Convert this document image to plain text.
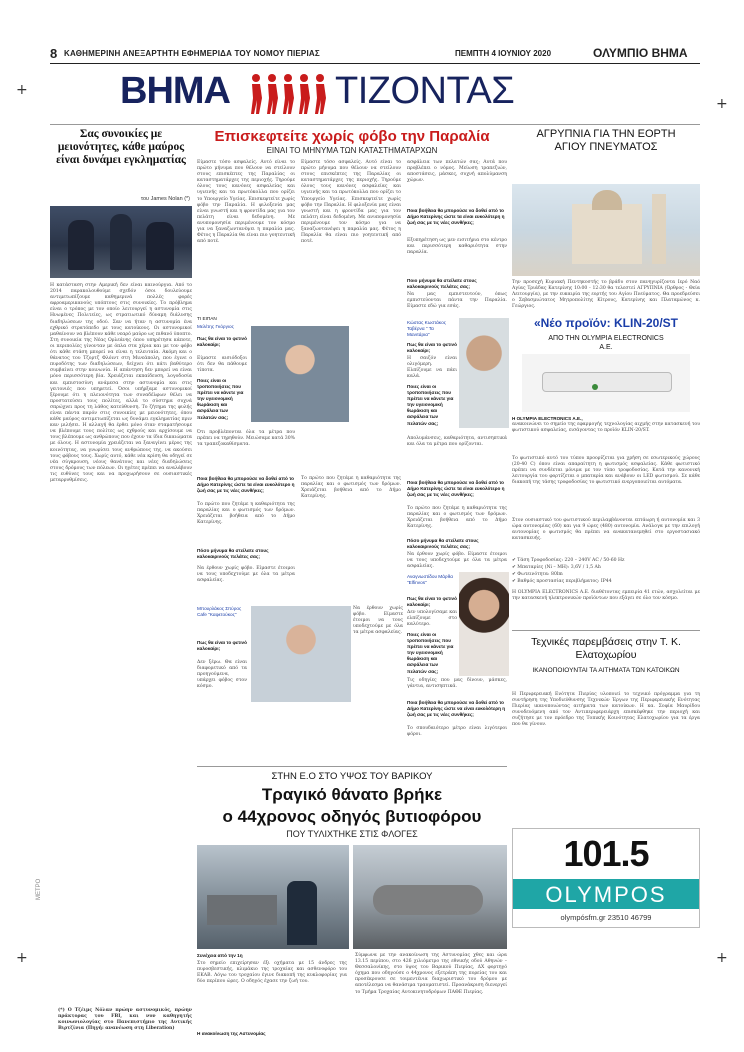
+
+
+	+
8 ΚΑΘΗΜΕΡΙΝΗ ΑΝΕΞΑΡΤΗΤΗ ΕΦΗΜΕΡΙΔΑ ΤΟΥ ΝΟΜΟΥ ΠΙΕΡΙΑΣ	ΠΕΜΠΤΗ 4 ΙΟΥΝΙΟΥ 2020	ΟΛΥΜΠΙΟ ΒΗΜΑ
ΒΗΜΑ	ΤΙΖΟΝΤΑΣ
Σας συνοικίες με μειονότητες, κάθε μαύρος είναι δυνάμει εγκληματίας
του James Nolan (*)
Η κατάσταση στην Αμερική δεν είναι καινούργια. Από το 2014 παρακολουθούμε σχεδόν όσοι δουλεύουμε αντιμετωπίζουμε καθημερινά πολλές φορές αφροαμερικανούς υπόπτους στις συνοικίες. Το πρόβλημα είναι ο τρόπος με τον οποίο λειτουργεί η αστυνομία στις Ηνωμένες Πολιτείες, ως στρατιωτικό δύναμη διάλυσης διαδηλώσεων της οδού. Σαν να ήταν η αστυνομία ένα εχθρικό στρατόπεδο με τους κατοίκους. Οι αστυνομικοί μαθαίνουν να βλέπουν κάθε νεαρό μαύρο ως πιθανό ύποπτο. Στη συνοικία της Νέας Ορλεάνης όπου υπηρέτησα κάποτε, οι περιπολίες γίνονταν με όπλα στα χέρια και με τον φόβο ότι κάθε στάση μπορεί να είναι η τελευταία. Ακόμη και ο θάνατος του Τζορτζ Φλόιντ στη Μινεάπολη, που έγινε ο πυροδότης των διαδηλώσεων, δείχνει ότι κάτι βαθύτερο συμβαίνει στην κοινωνία. Η απάντηση δεν μπορεί να είναι μόνο περισσότερη βία. Χρειάζεται εκπαίδευση, λογοδοσία και εμπιστοσύνη ανάμεσα στην αστυνομία και στις γειτονιές που υπηρετεί. Όσοι υπήρξαμε αστυνομικοί ξέρουμε ότι η πλειονότητα των συναδέλφων θέλει να προστατεύσει τους πολίτες, αλλά το σύστημα συχνά σπρώχνει προς τη λάθος κατεύθυνση. Το ζήτημα της φυλής είναι πάντα παρόν στις συνοικίες με μειονότητες, όπου κάθε μαύρος αντιμετωπίζεται ως δυνάμει εγκληματίας πριν καν μιλήσει. Η αλλαγή θα έρθει μόνο όταν σταματήσουμε να βλέπουμε τους πολίτες ως εχθρούς και αρχίσουμε να τους βλέπουμε ως ανθρώπους που έχουν τα ίδια δικαιώματα με όλους. Η αστυνομία χρειάζεται να ξαναγίνει μέρος της κοινότητας, να γνωρίσει τους ανθρώπους της, να ακούσει τους φόβους τους. Χωρίς αυτό, κάθε νέα κρίση θα οδηγεί σε νέα σύγκρουση, νέους θανάτους και νέες διαδηλώσεις στους δρόμους των πόλεων. Οι ηγέτες πρέπει να αναλάβουν τις ευθύνες τους και να προχωρήσουν σε ουσιαστικές μεταρρυθμίσεις.
(*) Ο Τζέιμς Νόλαν πρώην αστυνομικός, πρώην πράκτορας του FBI, και νυν καθηγητής κοινωνιολογίας στο Πανεπιστήμιο της Δυτικής Βιρτζίνια (Πηγή: ανανέωση στη Liberation)
ΜΕΤΡΟ
Επισκεφτείτε χωρίς φόβο την Παραλία
ΕΙΝΑΙ ΤΟ ΜΗΝΥΜΑ ΤΩΝ ΚΑΤΑΣΤΗΜΑΤΑΡΧΩΝ
Είμαστε τόσο ασφαλείς. Αυτό είναι το πρώτο μήνυμα που θέλουν να στείλουν στους επισκέπτες της Παραλίας οι καταστηματάρχες της περιοχής. Τηρούμε όλους τους κανόνες ασφαλείας και υγιεινής και τα πρωτόκολλα που ορίζει το Υπουργείο Υγείας. Επισκεφτείτε χωρίς φόβο την Παραλία. Η φιλοξενία μας είναι γνωστή και η φροντίδα μας για τον πελάτη είναι δεδομένη. Με ανυπομονησία περιμένουμε τον κόσμο για να ξαναζωντανέψει η παραλία μας. Φέτος η Παραλία θα είναι πιο γοητευτική από ποτέ.
ΤΙ ΕΙΠΑΝ
Μελέτης Γκόργιος
Πως θα είναι το φετινό καλοκαίρι;
Είμαστε αισιόδοξοι ότι δεν θα πάθουμε τίποτα.
Ποιες είναι οι τροποποιήσεις που πρέπει να κάνετε για την υγειονομική θωράκιση και ασφάλεια των πελατών σας;
Ότι προβλέπονται όλα τα μέτρα που πρέπει να τηρηθούν. Μειώσαμε κατά 30% τα τραπεζοκαθίσματα.
Ποια βοήθεια θα μπορούσε να δοθεί από το Δήμο Κατερίνης ώστε τα είναι ευκολότερο η ζωή σας με τις νέες συνθήκες;
Το πρώτο που ζητάμε η καθαριότητα της παραλίας και ο φωτισμός των δρόμων. Χρειάζεται βοήθεια από το Δήμο Κατερίνης.
Πόσο μήνυμα θα στείλατε στους καλοκαιρινούς πελάτες σας;
Να έρθουν χωρίς φόβο. Είμαστε έτοιμοι να τους υποδεχτούμε με όλα τα μέτρα ασφαλείας.
Μπουρλάκος Σπύρος Cafe "Καφετούκος"
Πως θα είναι το φετινό καλοκαίρι;
Δεν ξέρω. Θα είναι διαφορετικό από τα προηγούμενα, υπάρχει φόβος στον κόσμο.
Είμαστε τόσο ασφαλείς. Αυτό είναι το πρώτο μήνυμα που θέλουν να στείλουν στους επισκέπτες της Παραλίας οι καταστηματάρχες της περιοχής. Τηρούμε όλους τους κανόνες ασφαλείας και υγιεινής και τα πρωτόκολλα που ορίζει το Υπουργείο Υγείας. Επισκεφτείτε χωρίς φόβο την Παραλία. Η φιλοξενία μας είναι γνωστή και η φροντίδα μας για τον πελάτη είναι δεδομένη. Με ανυπομονησία περιμένουμε τον κόσμο για να ξαναζωντανέψει η παραλία μας. Φέτος η Παραλία θα είναι πιο γοητευτική από ποτέ.
Το πρώτο που ζητάμε η καθαριότητα της παραλίας και ο φωτισμός των δρόμων. Χρειάζεται βοήθεια από το Δήμο Κατερίνης.
Να έρθουν χωρίς φόβο. Είμαστε έτοιμοι να τους υποδεχτούμε με όλα τα μέτρα ασφαλείας.
ασφάλεια των πελατών σας; Αυτά που προβλέπει ο νόμος. Μείωση τραπεζιών, αποστάσεις, μάσκες, συχνή απολύμανση χώρων.
Ποια βοήθεια θα μπορούσε να δοθεί από το Δήμο Κατερίνης ώστε τα είναι ευκολότερη η ζωή σας με τις νέες συνθήκες;
Εξυπηρέτηση ως μεν εισιτήρια στο κέντρο και περισσότερη καθαριότητα στην παραλία.
Ποιο μήνυμα θα στείλατε στους καλοκαιρινούς πελάτες σας;
Να μας εμπιστευτούν, όπως εμπιστεύονται πάντα την Παραλία. Είμαστε εδώ για εσάς.
Κώστας Κωστάκος Ταβέρνα " Τα Μανιτάρια"
Πως θα είναι το φετινό καλοκαίρι;
Η σαιζόν είναι ολιγόμερη. Ελπίζουμε να πάει καλά.
Ποιες είναι οι τροποποιήσεις που πρέπει να κάνετε για την υγειονομική θωράκιση και ασφάλεια των πελατών σας;
Απολυμάνσεις, καθαριότητα, αντισηπτικά και όλα τα μέτρα που ορίζονται.
Ποια βοήθεια θα μπορούσε να δοθεί από το Δήμο Κατερίνης ώστε τα είναι ευκολότερο η ζωή σας με τις νέες συνθήκες;
Το πρώτο που ζητάμε η καθαριότητα της παραλίας και ο φωτισμός των δρόμων. Χρειάζεται βοήθεια από το Δήμο Κατερίνης.
Πόσο μήνυμα θα στείλατε στους καλοκαιρινούς πελάτες σας;
Να έρθουν χωρίς φόβο. Είμαστε έτοιμοι να τους υποδεχτούμε με όλα τα μέτρα ασφαλείας.
Αναγνωστίδου Μάρθα "Elfinvos"
Πως θα είναι το φετινό καλοκαίρι;
Δεν υπολογίσαμε και ελπίζουμε στο καλύτερο.
Ποιες είναι οι τροποποιήσεις που πρέπει να κάνετε για την υγειονομική θωράκιση και ασφάλεια των πελατών σας;
Τις οδηγίες που μας δίνουν, μάσκες, γάντια, αντισηπτικά.
Ποια βοήθεια θα μπορούσε να δοθεί από το Δήμο Κατερίνης ώστε να είναι ευκολότερη η ζωή σας με τις νέες συνθήκες;
Το σπουδαιότερο μέτρο είναι λιγότεροι φόροι.
ΣΤΗΝ Ε.Ο ΣΤΟ ΥΨΟΣ ΤΟΥ ΒΑΡΙΚΟΥ
Τραγικό θάνατο βρήκε
ο 44χρονος οδηγός βυτιοφόρου
ΠΟΥ ΤΥΛΙΧΤΗΚΕ ΣΤΙΣ ΦΛΟΓΕΣ
Συνέχεια από την 1η
Στο σημείο επιχείρησαν έξι οχήματα με 15 άνδρες της πυροσβεστικής, κλιμάκιο της τροχαίας και ασθενοφόρο του ΕΚΑΒ. Λόγω του τροχαίου έγινε διακοπή της κυκλοφορίας για δύο περίπου ώρες. Ο οδηγός έχασε την ζωή του.
Η ανακοίνωση της Αστυνομίας
Σύμφωνα με την ανακοίνωση της Αστυνομίας χθες και ώρα 13.15 περίπου, στο 426 χιλιόμετρο της εθνικής οδού Αθηνών – Θεσσαλονίκης, στο ύψος του Βαρικού Πιερίας, ΔΧ φορτηγό όχημα που οδηγούσε ο 44χρονος εξετράπη της πορείας του και προσέκρουσε σε τοιμεντένια διαχωριστικό του δρόμου με αποτέλεσμα να θανάσιμα τραυματιστεί. Προανάκριση διενεργεί το Τμήμα Τροχαίας Αυτοκινητοδρόμων ΠΑΘΕ Πιερίας.
ΑΓΡΥΠΝΙΑ ΓΙΑ ΤΗΝ ΕΟΡΤΗ ΑΓΙΟΥ ΠΝΕΥΜΑΤΟΣ
Την προσεχή Κυριακή Πεντηκοστής το βράδυ στον πανηγυρίζοντα Ιερό Ναό Αγίας Τριάδας Κατερίνης 10:00 - 12:30 θα τελεστεί ΑΓΡΥΠΝΙΑ (Όρθρος - Θεία Λειτουργία), με την ευκαιρία της εορτής του Αγίου Πνεύματος. Θα προεδρεύσει ο Σεβασμιώτατος Μητροπολίτης Κίτρους, Κατερίνης και Πλαταμώνος κ. Γεώργιος.
«Νέο προϊόν: KLIN-20/ST
ΑΠΟ ΤΗΝ OLYMPIA ELECTRONICS A.E.
Η OLYMPIA ELECTRONICS Α.Ε.,
ανακοινώνει το σημείο της εφαρμογής τεχνολογίας αιχμής στην κατασκευή του φωτιστικού ασφαλείας, εισάγοντας το προϊόν KLIN-20/ST.
Το φωτιστικό αυτό του τύπου προορίζεται για χρήση σε εσωτερικούς χώρους (20-40 C) όπου είναι απαραίτητη η φωτισμός ασφαλείας. Κάθε φωτιστικό πρέπει να συνδέεται μόνιμα με τον τύπο τροφοδοσίας. Κατά την κανονική λειτουργία του φορτίζεται ο μπαταρία και ανάβουν οι LED φωτισμού. Σε κάθε διακοπή της τάσης τροφοδοσίας το φωτιστικό ενεργοποιείται αυτόματα.
Στον ουσιαστικό του φωτιστικού περιλαμβάνονται επτάωρη ή αυτονομία και 3 ώρα αυτονομίας (60) και για 9 ώρες (480) αυτονομία. Ανάλογα με την επιλογή αυτονομίας ο φωτισμός θα πρέπει να ανακατανεμηθεί στο εργοστασιακό κατασκευής.
✔ Τάση Τροφοδοσίας: 220 – 240V AC / 50-60 Hz
✔ Μπαταρίες (Ni – ΜΗ): 3,6V / 1,5 Ah
✔ Φωτεινότητα: 80lm
✔ Βαθμός προστασίας περιβλήματος: IP44
Η OLYMPIA ELECTRONICS Α.Ε. διαθέτοντας εμπειρία 41 ετών, ασχολείται με την κατασκευή ηλεκτρονικών προϊόντων που εξάγει σε όλο τον κόσμο.
Τεχνικές παρεμβάσεις στην Τ. Κ. Ελατοχωρίου
ΙΚΑΝΟΠΟΙΟΥΝΤΑΙ ΤΑ ΑΙΤΗΜΑΤΑ ΤΩΝ ΚΑΤΟΙΚΩΝ
Η Περιφερειακή Ενότητα Πιερίας υλοποιεί το τεχνικό πρόγραμμα για τη συντήρηση της Υποδιεύθυνσης Τεχνικών Έργων της Περιφερειακής Ενότητας Πιερίας ικανοποιώντας αιτήματα των κατοίκων. Η κα. Σοφία Μαυρίδου συνοδευόμενη από τον Αντιπεριφερειάρχη επισκέφθηκε την περιοχή και συζήτησε με τον πρόεδρο της Τοπικής Κοινότητας Ελατοχωρίου για τα έργα που θα γίνουν.
101.5
OLYMPOS
olympósfm.gr 23510 46799
